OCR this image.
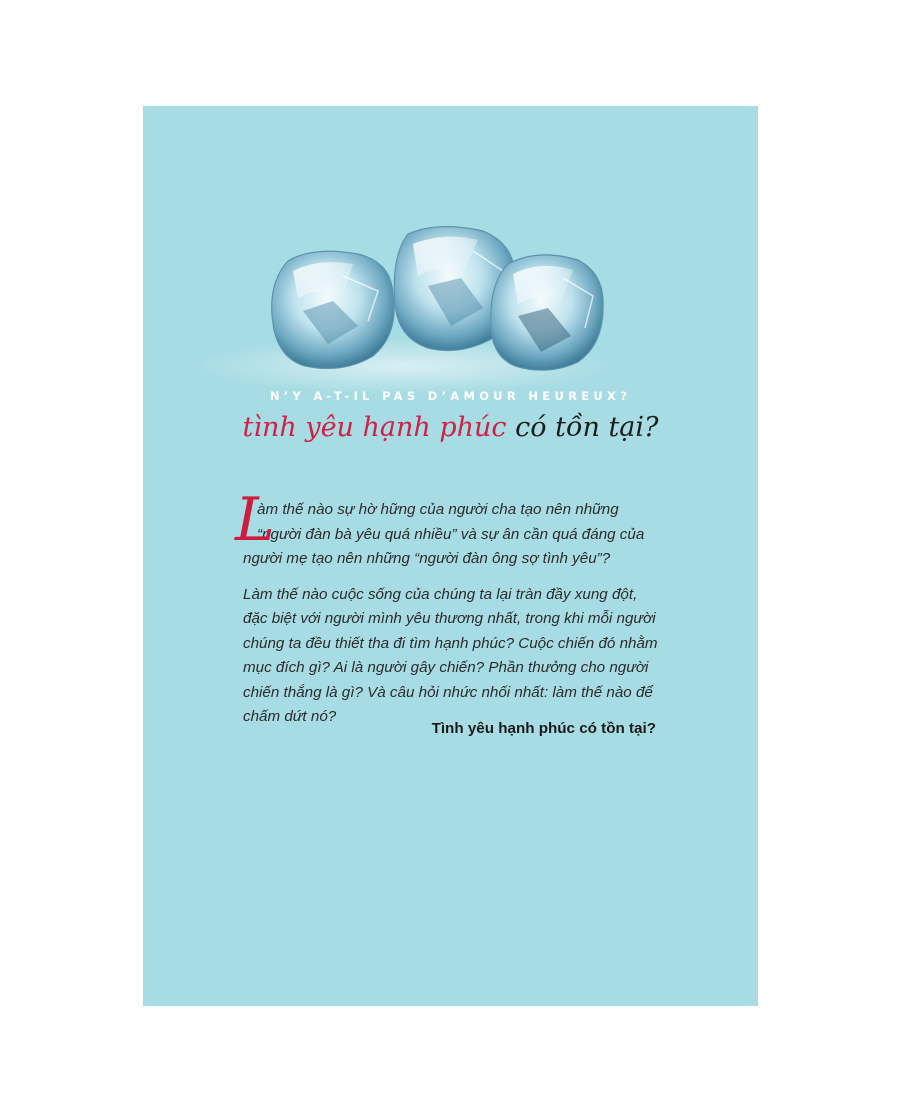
N’Y A-T-IL PAS D’AMOUR HEUREUX?
tình yêu hạnh phúc có tồn tại?

L
àm thế nào sự hờ hững của người cha tạo nên những
“người đàn bà yêu quá nhiều” và sự ân cần quá đáng của
người mẹ tạo nên những “người đàn ông sợ tình yêu”?

Làm thế nào cuộc sống của chúng ta lại tràn đầy xung đột,
đặc biệt với người mình yêu thương nhất, trong khi mỗi người
chúng ta đều thiết tha đi tìm hạnh phúc? Cuộc chiến đó nhằm
mục đích gì? Ai là người gây chiến? Phần thưởng cho người
chiến thắng là gì? Và câu hỏi nhức nhối nhất: làm thế nào để
chấm dứt nó?

Tình yêu hạnh phúc có tồn tại?
